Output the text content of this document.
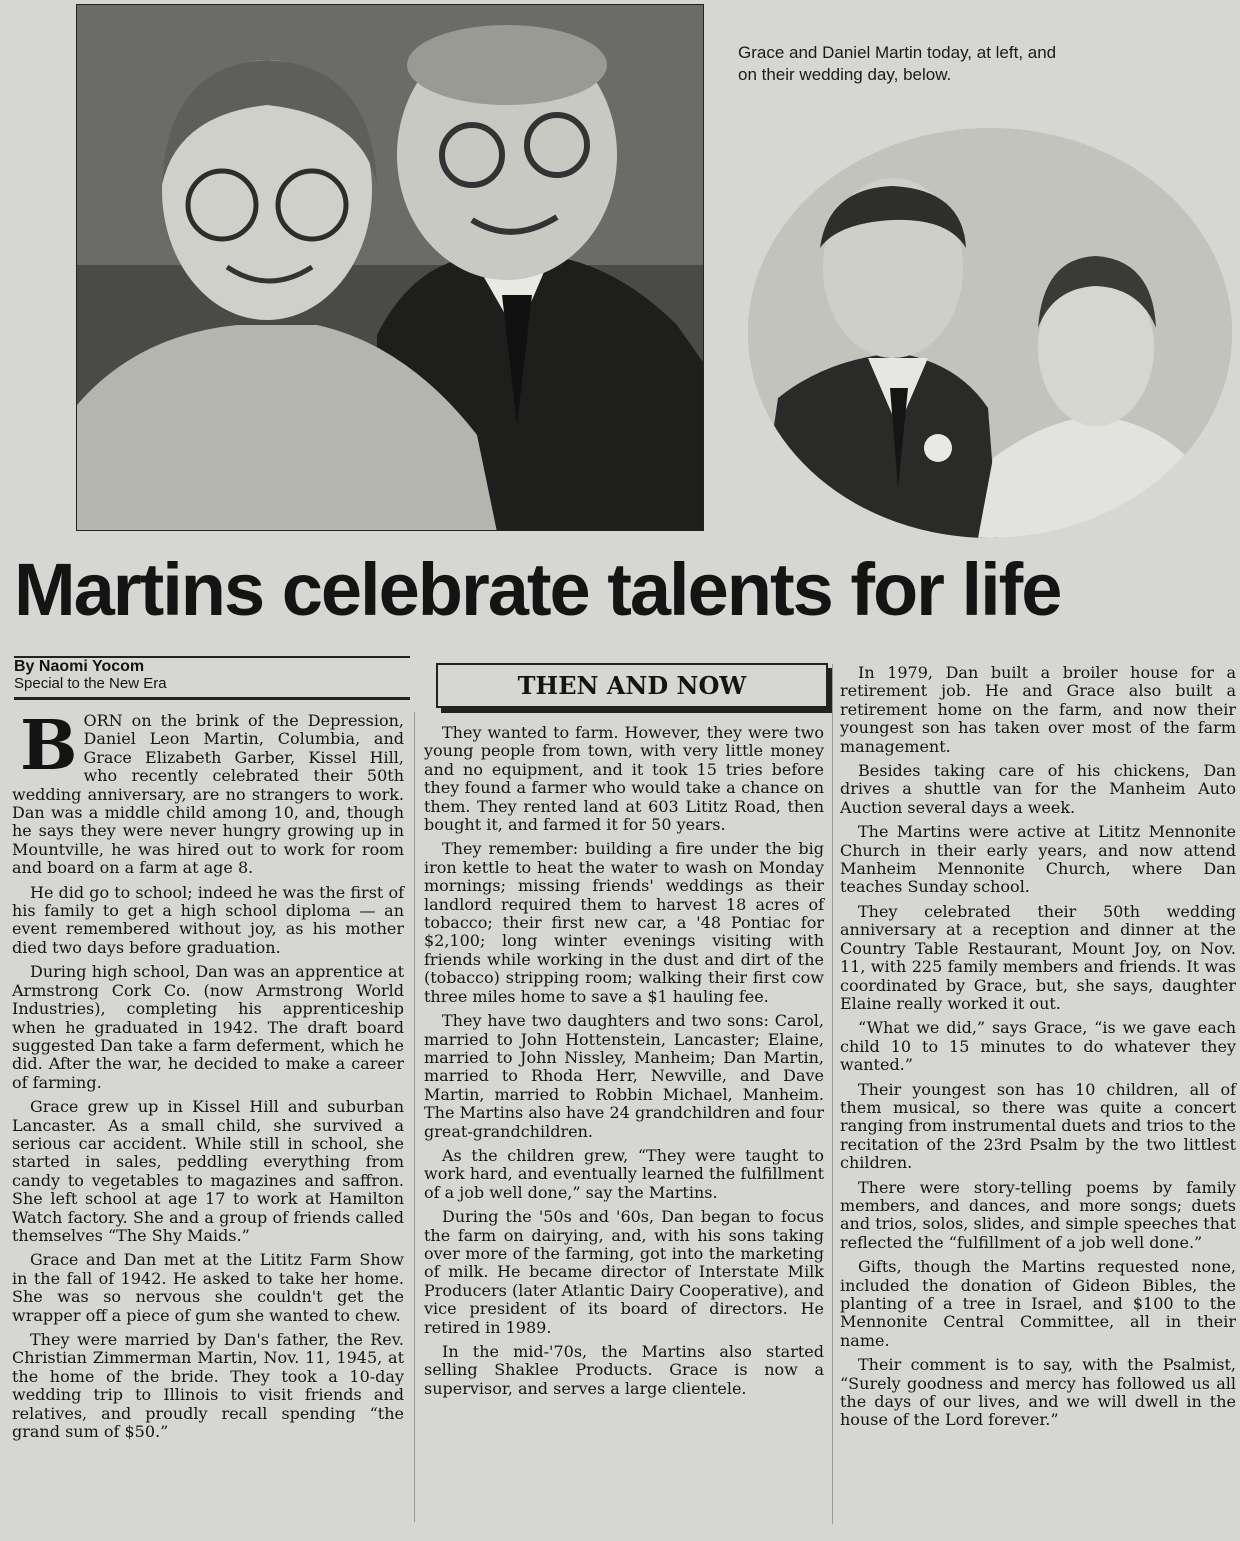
Grace and Daniel Martin today, at left, and on their wedding day, below.
Martins celebrate talents for life
By Naomi Yocom
Special to the New Era	THEN AND NOW

BORN on the brink of the Depression, Daniel Leon Martin, Columbia, and Grace Elizabeth Garber, Kissel Hill, who recently celebrated their 50th wedding anniversary, are no strangers to work. Dan was a middle child among 10, and, though he says they were never hungry growing up in Mountville, he was hired out to work for room and board on a farm at age 8.

He did go to school; indeed he was the first of his family to get a high school diploma — an event remembered without joy, as his mother died two days before graduation.

During high school, Dan was an apprentice at Armstrong Cork Co. (now Armstrong World Industries), completing his apprenticeship when he graduated in 1942. The draft board suggested Dan take a farm deferment, which he did. After the war, he decided to make a career of farming.

Grace grew up in Kissel Hill and suburban Lancaster. As a small child, she survived a serious car accident. While still in school, she started in sales, peddling everything from candy to vegetables to magazines and saffron. She left school at age 17 to work at Hamilton Watch factory. She and a group of friends called themselves “The Shy Maids.”

Grace and Dan met at the Lititz Farm Show in the fall of 1942. He asked to take her home. She was so nervous she couldn't get the wrapper off a piece of gum she wanted to chew.

They were married by Dan's father, the Rev. Christian Zimmerman Martin, Nov. 11, 1945, at the home of the bride. They took a 10-day wedding trip to Illinois to visit friends and relatives, and proudly recall spending “the grand sum of $50.”

They wanted to farm. However, they were two young people from town, with very little money and no equipment, and it took 15 tries before they found a farmer who would take a chance on them. They rented land at 603 Lititz Road, then bought it, and farmed it for 50 years.

They remember: building a fire under the big iron kettle to heat the water to wash on Monday mornings; missing friends' weddings as their landlord required them to harvest 18 acres of tobacco; their first new car, a '48 Pontiac for $2,100; long winter evenings visiting with friends while working in the dust and dirt of the (tobacco) stripping room; walking their first cow three miles home to save a $1 hauling fee.

They have two daughters and two sons: Carol, married to John Hottenstein, Lancaster; Elaine, married to John Nissley, Manheim; Dan Martin, married to Rhoda Herr, Newville, and Dave Martin, married to Robbin Michael, Manheim. The Martins also have 24 grandchildren and four great-grandchildren.

As the children grew, “They were taught to work hard, and eventually learned the fulfillment of a job well done,” say the Martins.

During the '50s and '60s, Dan began to focus the farm on dairying, and, with his sons taking over more of the farming, got into the marketing of milk. He became director of Interstate Milk Producers (later Atlantic Dairy Cooperative), and vice president of its board of directors. He retired in 1989.

In the mid-'70s, the Martins also started selling Shaklee Products. Grace is now a supervisor, and serves a large clientele.

In 1979, Dan built a broiler house for a retirement job. He and Grace also built a retirement home on the farm, and now their youngest son has taken over most of the farm management.

Besides taking care of his chickens, Dan drives a shuttle van for the Manheim Auto Auction several days a week.

The Martins were active at Lititz Mennonite Church in their early years, and now attend Manheim Mennonite Church, where Dan teaches Sunday school.

They celebrated their 50th wedding anniversary at a reception and dinner at the Country Table Restaurant, Mount Joy, on Nov. 11, with 225 family members and friends. It was coordinated by Grace, but, she says, daughter Elaine really worked it out.

“What we did,” says Grace, “is we gave each child 10 to 15 minutes to do whatever they wanted.”

Their youngest son has 10 children, all of them musical, so there was quite a concert ranging from instrumental duets and trios to the recitation of the 23rd Psalm by the two littlest children.

There were story-telling poems by family members, and dances, and more songs; duets and trios, solos, slides, and simple speeches that reflected the “fulfillment of a job well done.”

Gifts, though the Martins requested none, included the donation of Gideon Bibles, the planting of a tree in Israel, and $100 to the Mennonite Central Committee, all in their name.

Their comment is to say, with the Psalmist, “Surely goodness and mercy has followed us all the days of our lives, and we will dwell in the house of the Lord forever.”
